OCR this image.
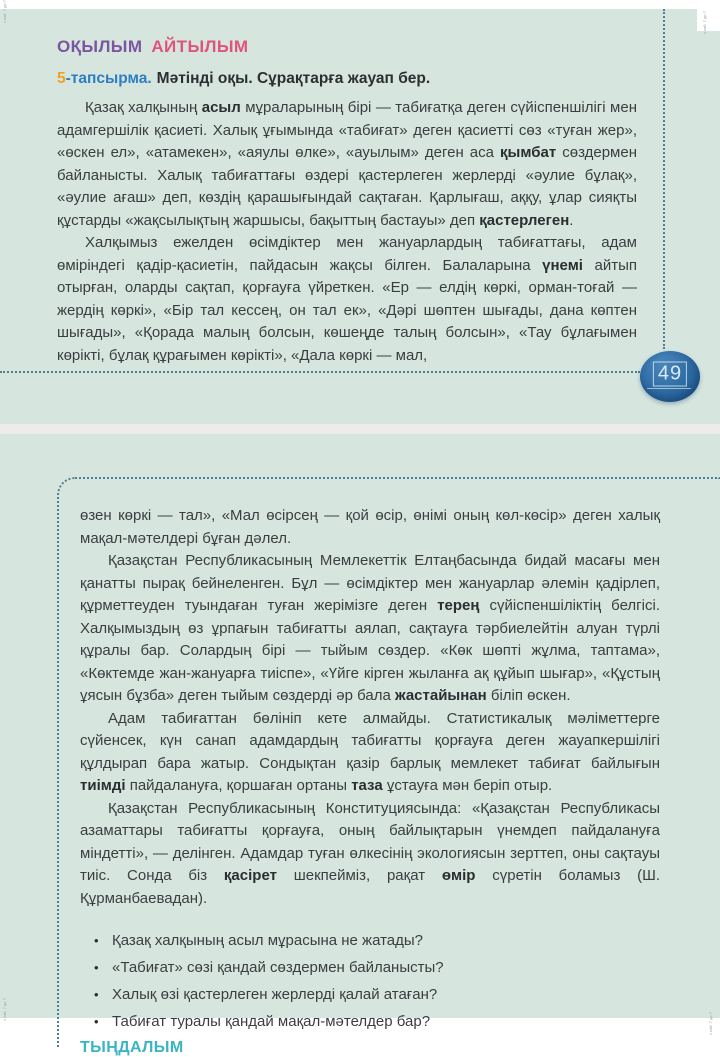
ОҚЫЛЫМ АЙТЫЛЫМ
5-тапсырма. Мәтінді оқы. Сұрақтарға жауап бер.

Қазақ халқының асыл мұраларының бірі — табиғатқа деген сүйіспеншілігі мен адамгершілік қасиеті. Халық ұғымында «табиғат» деген қасиетті сөз «туған жер», «өскен ел», «атамекен», «аяулы өлке», «ауылым» деген аса қымбат сөздермен байланысты. Халық табиғаттағы өздері қастерлеген жерлерді «әулие бұлақ», «әулие ағаш» деп, көздің қарашығындай сақтаған. Қарлығаш, аққу, ұлар сияқты құстарды «жақсылықтың жаршысы, бақыттың бастауы» деп қастерлеген.

Халқымыз ежелден өсімдіктер мен жануарлардың табиғаттағы, адам өміріндегі қадір-қасиетін, пайдасын жақсы білген. Балаларына үнемі айтып отырған, оларды сақтап, қорғауға үйреткен. «Ер — елдің көркі, орман-тоғай — жердің көркі», «Бір тал кессең, он тал ек», «Дәрі шөптен шығады, дана көптен шығады», «Қорада малың болсын, көшеңде талың болсын», «Тау бұлағымен көрікті, бұлақ құрағымен көрікті», «Дала көркі — мал,

49

өзен көркі — тал», «Мал өсірсең — қой өсір, өнімі оның көл-көсір» деген халық мақал-мәтелдері бұған дәлел.

Қазақстан Республикасының Мемлекеттік Елтаңбасында бидай масағы мен қанатты пырақ бейнеленген. Бұл — өсімдіктер мен жануарлар әлемін қадірлеп, құрметтеуден туындаған туған жерімізге деген терең сүйіспеншіліктің белгісі. Халқымыздың өз ұрпағын табиғатты аялап, сақтауға тәрбиелейтін алуан түрлі құралы бар. Солардың бірі — тыйым сөздер. «Көк шөпті жұлма, таптама», «Көктемде жан-жануарға тиіспе», «Үйге кірген жыланға ақ құйып шығар», «Құстың ұясын бұзба» деген тыйым сөздерді әр бала жастайынан біліп өскен.

Адам табиғаттан бөлініп кете алмайды. Статистикалық мәліметтерге сүйенсек, күн санап адамдардың табиғатты қорғауға деген жауапкершілігі құлдырап бара жатыр. Сондықтан қазір барлық мемлекет табиғат байлығын тиімді пайдалануға, қоршаған ортаны таза ұстауға мән беріп отыр.

Қазақстан Республикасының Конституциясында: «Қазақстан Республикасы азаматтары табиғатты қорғауға, оның байлықтарын үнемдеп пайдалануға міндетті», — делінген. Адамдар туған өлкесінің экологиясын зерттеп, оны сақтауы тиіс. Сонда біз қасірет шекпейміз, рақат өмір сүретін боламыз (Ш. Құрманбаевадан).

• Қазақ халқының асыл мұрасына не жатады?
• «Табиғат» сөзі қандай сөздермен байланысты?
• Халық өзі қастерлеген жерлерді қалай атаған?
• Табиғат туралы қандай мақал-мәтелдер бар?
ТЫҢДАЛЫМ
з най  7 до 7	з най  7 до 7
з най  7 до 7
з най  7 до 7
